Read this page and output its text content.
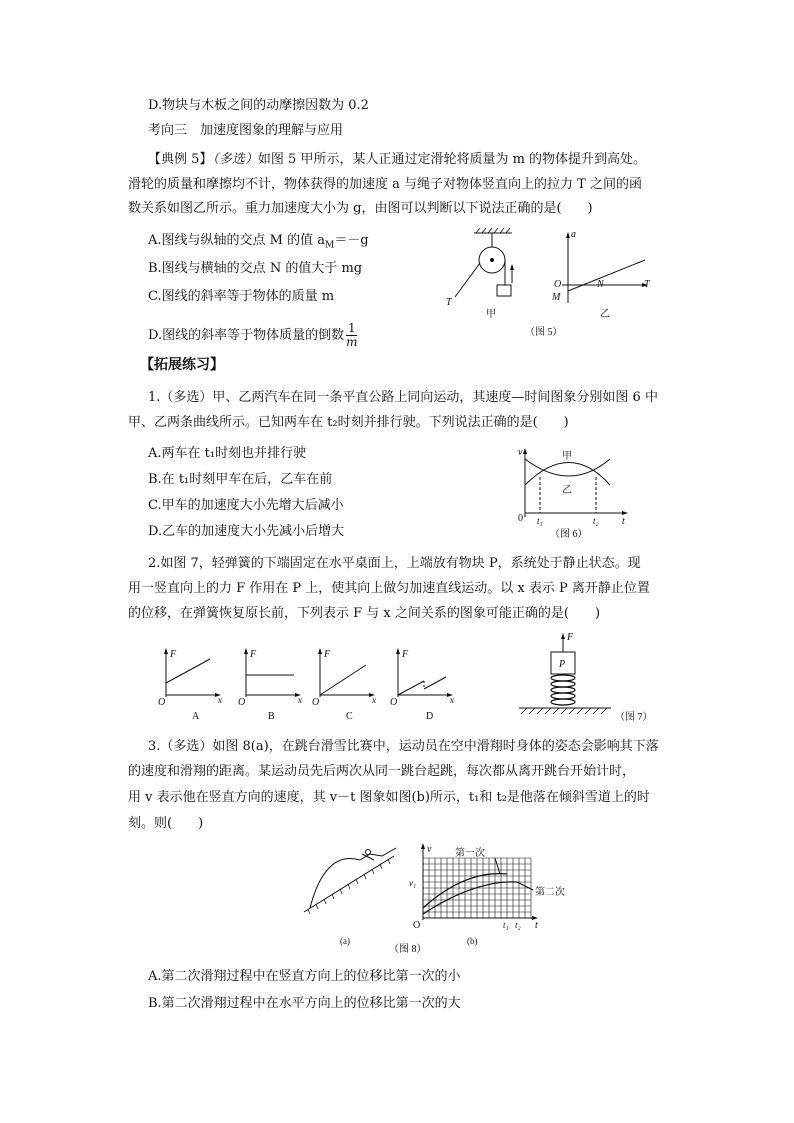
D.物块与木板之间的动摩擦因数为 0.2
考向三　加速度图象的理解与应用
【典例 5】（多选）如图 5 甲所示，某人正通过定滑轮将质量为 m 的物体提升到高处。
滑轮的质量和摩擦均不计，物体获得的加速度 a 与绳子对物体竖直向上的拉力 T 之间的函
数关系如图乙所示。重力加速度大小为 g，由图可以判断以下说法正确的是(　　)
A.图线与纵轴的交点 M 的值 $a_M=-g$
B.图线与横轴的交点 N 的值大于 mg
C.图线的斜率等于物体的质量 m
D.图线的斜率等于物体质量的倒数 $\frac{1}{m}$
T
甲
a
O
M
N	T
乙
（图 5）
【拓展练习】
1.（多选）甲、乙两汽车在同一条平直公路上同向运动，其速度—时间图象分别如图 6 中
甲、乙两条曲线所示。已知两车在 t₂时刻并排行驶。下列说法正确的是(　　)
A.两车在 t₁时刻也并排行驶
B.在 t₁时刻甲车在后，乙车在前
C.甲车的加速度大小先增大后减小
D.乙车的加速度大小先减小后增大
v	甲
乙
0 t₁	t₂ t
（图 6）
2.如图 7，轻弹簧的下端固定在水平桌面上，上端放有物块 P，系统处于静止状态。现
用一竖直向上的力 F 作用在 P 上，使其向上做匀加速直线运动。以 x 表示 P 离开静止位置
的位移，在弹簧恢复原长前，下列表示 F 与 x 之间关系的图象可能正确的是(　　)
F
O	x
A
F
O	x
B
F
O	x
C
F
O	x
D
F
P
（图 7）
3.（多选）如图 8(a)，在跳台滑雪比赛中，运动员在空中滑翔时身体的姿态会影响其下落
的速度和滑翔的距离。某运动员先后两次从同一跳台起跳，每次都从离开跳台开始计时，
用 v 表示他在竖直方向的速度，其 v－t 图象如图(b)所示，t₁和 t₂是他落在倾斜雪道上的时
刻。则(　　)
(a)
v
v₁
O	t₁ t₂ t
第一次
第二次
(b)
（图 8）
A.第二次滑翔过程中在竖直方向上的位移比第一次的小
B.第二次滑翔过程中在水平方向上的位移比第一次的大
